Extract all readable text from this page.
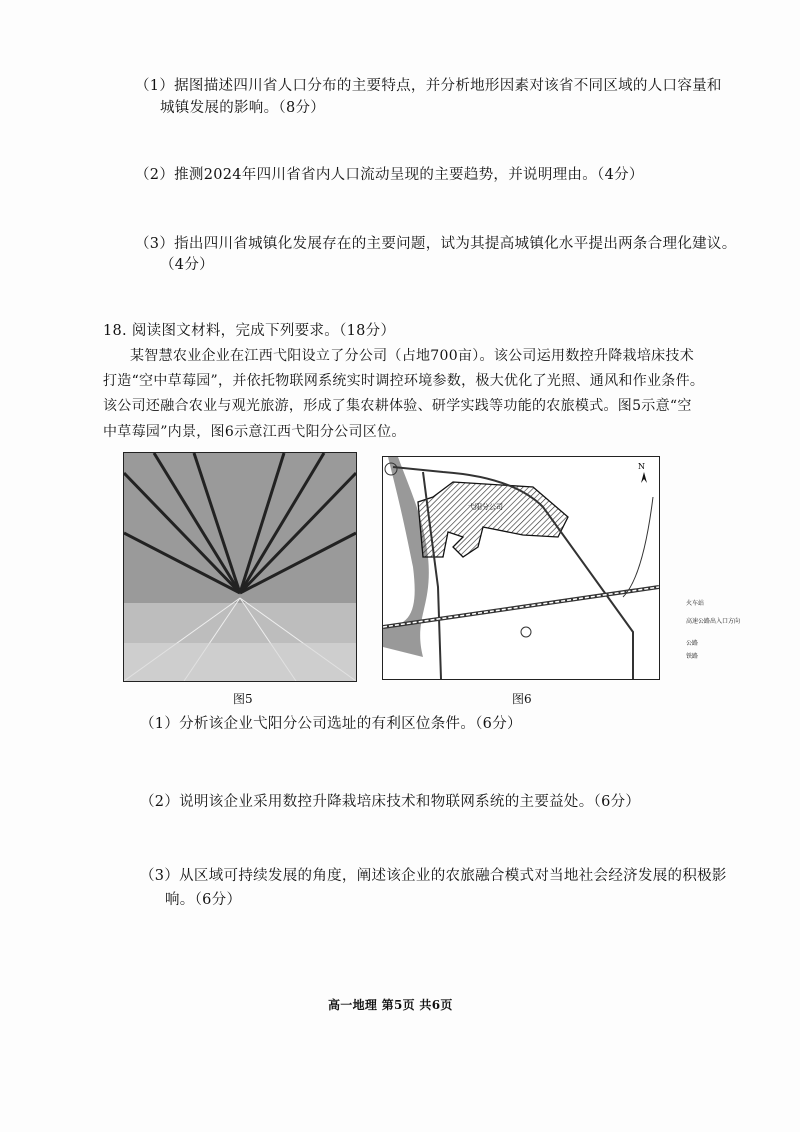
（1）据图描述四川省人口分布的主要特点，并分析地形因素对该省不同区域的人口容量和
城镇发展的影响。（8分）
（2）推测2024年四川省省内人口流动呈现的主要趋势，并说明理由。（4分）
（3）指出四川省城镇化发展存在的主要问题，试为其提高城镇化水平提出两条合理化建议。
（4分）
18. 阅读图文材料，完成下列要求。（18分）
某智慧农业企业在江西弋阳设立了分公司（占地700亩）。该公司运用数控升降栽培床技术
打造“空中草莓园”，并依托物联网系统实时调控环境参数，极大优化了光照、通风和作业条件。
该公司还融合农业与观光旅游，形成了集农耕体验、研学实践等功能的农旅模式。图5示意“空
中草莓园”内景，图6示意江西弋阳分公司区位。
N
弋阳分公司
火车站
高速公路出入口方向
公路
铁路
图5	图6
（1）分析该企业弋阳分公司选址的有利区位条件。（6分）
（2）说明该企业采用数控升降栽培床技术和物联网系统的主要益处。（6分）
（3）从区域可持续发展的角度，阐述该企业的农旅融合模式对当地社会经济发展的积极影
响。（6分）
高一地理 第5页 共6页
